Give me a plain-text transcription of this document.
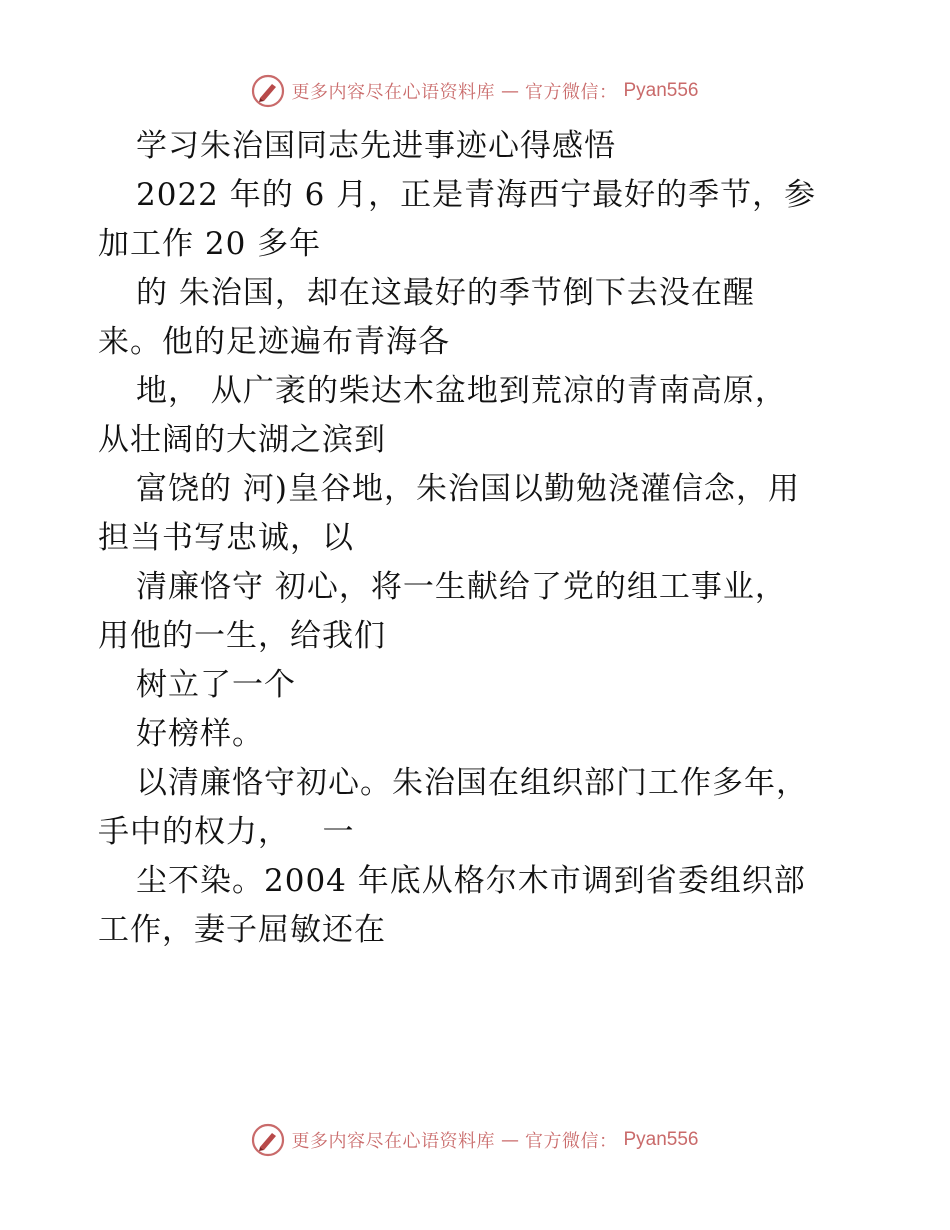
更多内容尽在心语资料库 — 官方微信： Pyan556
学习朱治国同志先进事迹心得感悟
2022 年的 6 月，正是青海西宁最好的季节，参
加工作 20 多年
的 朱治国，却在这最好的季节倒下去没在醒
来。他的足迹遍布青海各
地， 从广袤的柴达木盆地到荒凉的青南高原，
从壮阔的大湖之滨到
富饶的 河)皇谷地，朱治国以勤勉浇灌信念，用
担当书写忠诚，以
清廉恪守 初心，将一生献给了党的组工事业，
用他的一生，给我们
树立了一个
好榜样。
以清廉恪守初心。朱治国在组织部门工作多年，
手中的权力，   一
尘不染。2004 年底从格尔木市调到省委组织部
工作，妻子屈敏还在
更多内容尽在心语资料库 — 官方微信： Pyan556
